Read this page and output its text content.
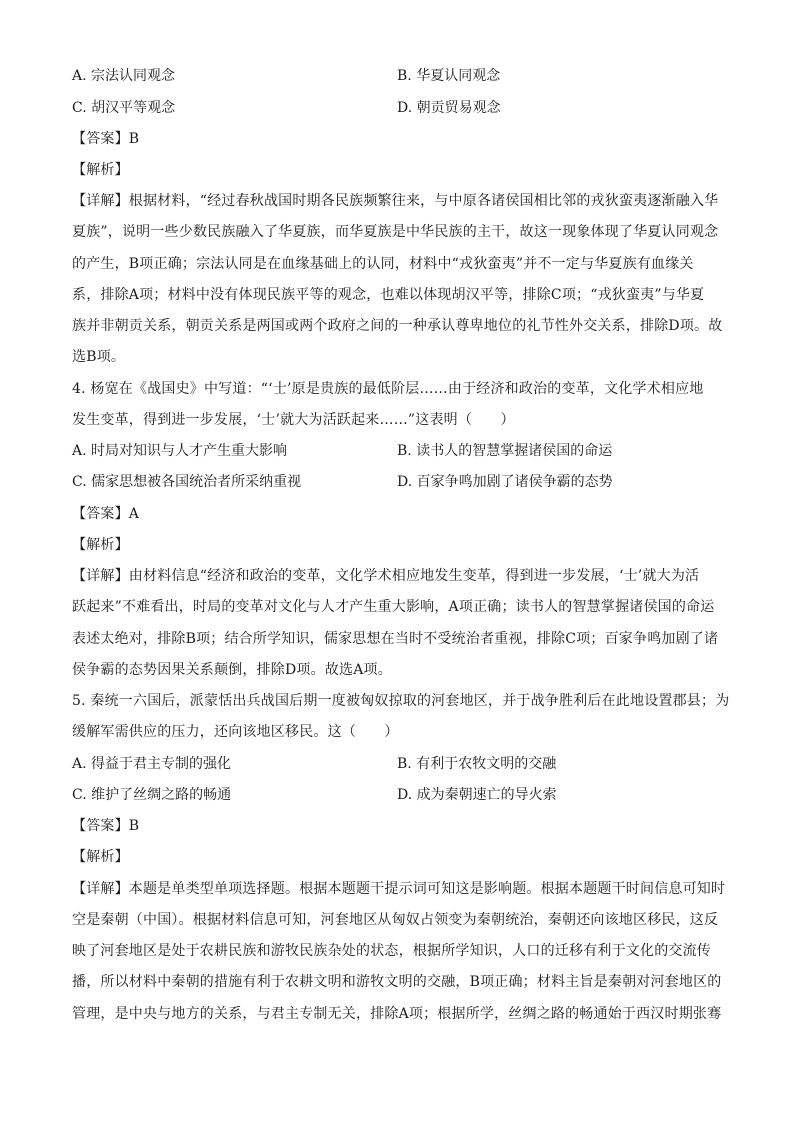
A. 宗法认同观念	B. 华夏认同观念
C. 胡汉平等观念	D. 朝贡贸易观念
【答案】B
【解析】
【详解】根据材料，“经过春秋战国时期各民族频繁往来，与中原各诸侯国相比邻的戎狄蛮夷逐渐融入华
夏族”，说明一些少数民族融入了华夏族，而华夏族是中华民族的主干，故这一现象体现了华夏认同观念
的产生，B项正确；宗法认同是在血缘基础上的认同，材料中“戎狄蛮夷”并不一定与华夏族有血缘关
系，排除A项；材料中没有体现民族平等的观念，也难以体现胡汉平等，排除C项；“戎狄蛮夷”与华夏
族并非朝贡关系，朝贡关系是两国或两个政府之间的一种承认尊卑地位的礼节性外交关系，排除D项。故
选B项。
4. 杨宽在《战国史》中写道：“‘士’原是贵族的最低阶层……由于经济和政治的变革，文化学术相应地
发生变革，得到进一步发展，‘士’就大为活跃起来……”这表明（　　）
A. 时局对知识与人才产生重大影响	B. 读书人的智慧掌握诸侯国的命运
C. 儒家思想被各国统治者所采纳重视	D. 百家争鸣加剧了诸侯争霸的态势
【答案】A
【解析】
【详解】由材料信息“经济和政治的变革，文化学术相应地发生变革，得到进一步发展，‘士’就大为活
跃起来”不难看出，时局的变革对文化与人才产生重大影响，A项正确；读书人的智慧掌握诸侯国的命运
表述太绝对，排除B项；结合所学知识，儒家思想在当时不受统治者重视，排除C项；百家争鸣加剧了诸
侯争霸的态势因果关系颠倒，排除D项。故选A项。
5. 秦统一六国后，派蒙恬出兵战国后期一度被匈奴掠取的河套地区，并于战争胜利后在此地设置郡县；为
缓解军需供应的压力，还向该地区移民。这（　　）
A. 得益于君主专制的强化	B. 有利于农牧文明的交融
C. 维护了丝绸之路的畅通	D. 成为秦朝速亡的导火索
【答案】B
【解析】
【详解】本题是单类型单项选择题。根据本题题干提示词可知这是影响题。根据本题题干时间信息可知时
空是秦朝（中国）。根据材料信息可知，河套地区从匈奴占领变为秦朝统治，秦朝还向该地区移民，这反
映了河套地区是处于农耕民族和游牧民族杂处的状态，根据所学知识，人口的迁移有利于文化的交流传
播，所以材料中秦朝的措施有利于农耕文明和游牧文明的交融，B项正确；材料主旨是秦朝对河套地区的
管理，是中央与地方的关系，与君主专制无关，排除A项；根据所学，丝绸之路的畅通始于西汉时期张骞
